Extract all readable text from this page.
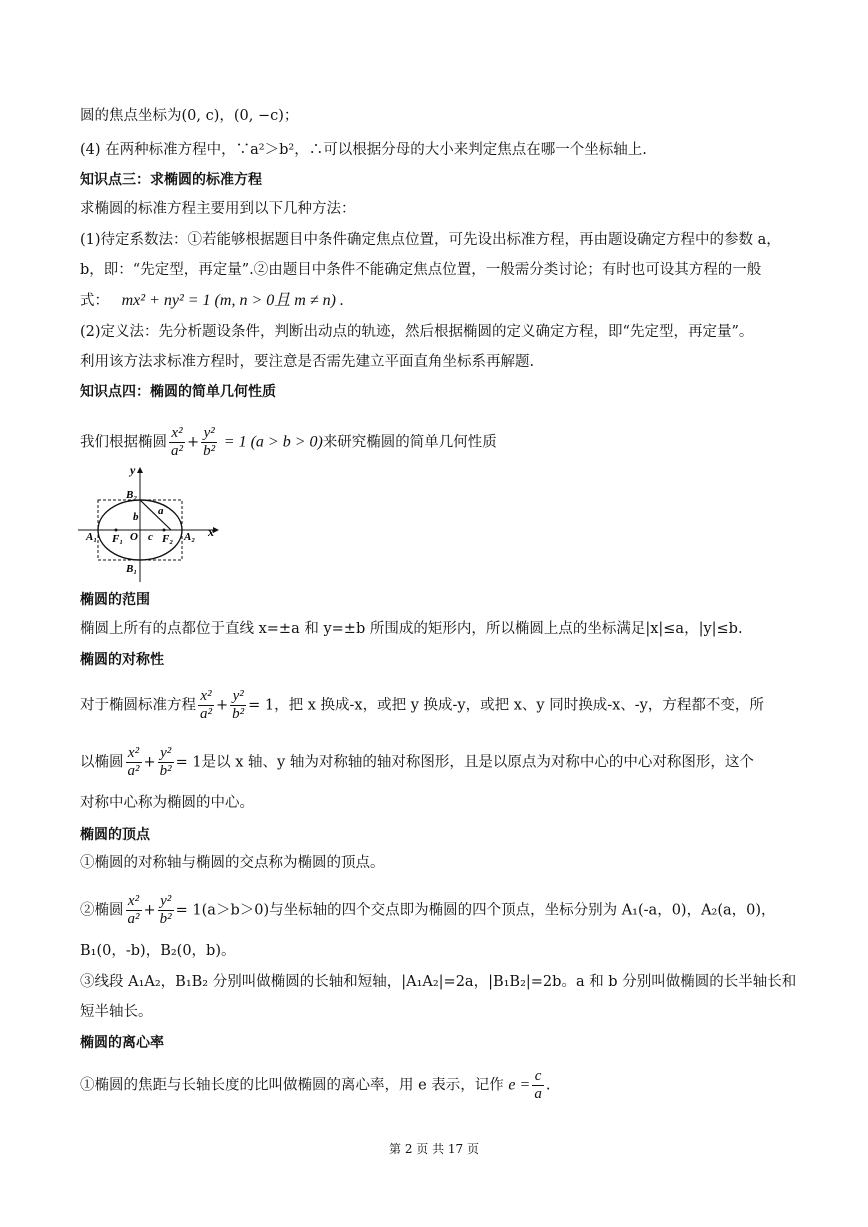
圆的焦点坐标为(0, c)，(0, −c)；
(4) 在两种标准方程中，∵a²＞b²，∴可以根据分母的大小来判定焦点在哪一个坐标轴上.
知识点三：求椭圆的标准方程
求椭圆的标准方程主要用到以下几种方法：
(1)待定系数法：①若能够根据题目中条件确定焦点位置，可先设出标准方程，再由题设确定方程中的参数 a，
b，即：“先定型，再定量”.②由题目中条件不能确定焦点位置，一般需分类讨论；有时也可设其方程的一般
式： mx² + ny² = 1 (m, n > 0且 m ≠ n) .
(2)定义法：先分析题设条件，判断出动点的轨迹，然后根据椭圆的定义确定方程，即“先定型，再定量”。
利用该方法求标准方程时，要注意是否需先建立平面直角坐标系再解题.
知识点四：椭圆的简单几何性质
我们根据椭圆 $\frac{\text{x²}}{\text{a²}} + \frac{\text{y²}}{\text{b²}} = 1$ (a > b > 0)来研究椭圆的简单几何性质
y
x
B₂
B₁
A₁	A₂
F₁	F₂
O
b a
c
椭圆的范围
椭圆上所有的点都位于直线 x=±a 和 y=±b 所围成的矩形内，所以椭圆上点的坐标满足|x|≤a，|y|≤b.
椭圆的对称性
对于椭圆标准方程 $\frac{\text{x²}}{\text{a²}} + \frac{\text{y²}}{\text{b²}} = 1$，把 x 换成-x，或把 y 换成-y，或把 x、y 同时换成-x、-y，方程都不变，所
以椭圆 $\frac{\text{x²}}{\text{a²}} + \frac{\text{y²}}{\text{b²}} = 1$是以 x 轴、y 轴为对称轴的轴对称图形，且是以原点为对称中心的中心对称图形，这个
对称中心称为椭圆的中心。
椭圆的顶点
①椭圆的对称轴与椭圆的交点称为椭圆的顶点。
②椭圆 $\frac{\text{x²}}{\text{a²}} + \frac{\text{y²}}{\text{b²}} = 1(a>b>0)$与坐标轴的四个交点即为椭圆的四个顶点，坐标分别为 A₁(-a，0)，A₂(a，0)，
B₁(0，-b)，B₂(0，b)。
③线段 A₁A₂，B₁B₂ 分别叫做椭圆的长轴和短轴，|A₁A₂|=2a，|B₁B₂|=2b。a 和 b 分别叫做椭圆的长半轴长和
短半轴长。
椭圆的离心率
①椭圆的焦距与长轴长度的比叫做椭圆的离心率，用 e 表示，记作 $e = \frac{c}{a}$ .
第 2 页 共 17 页
